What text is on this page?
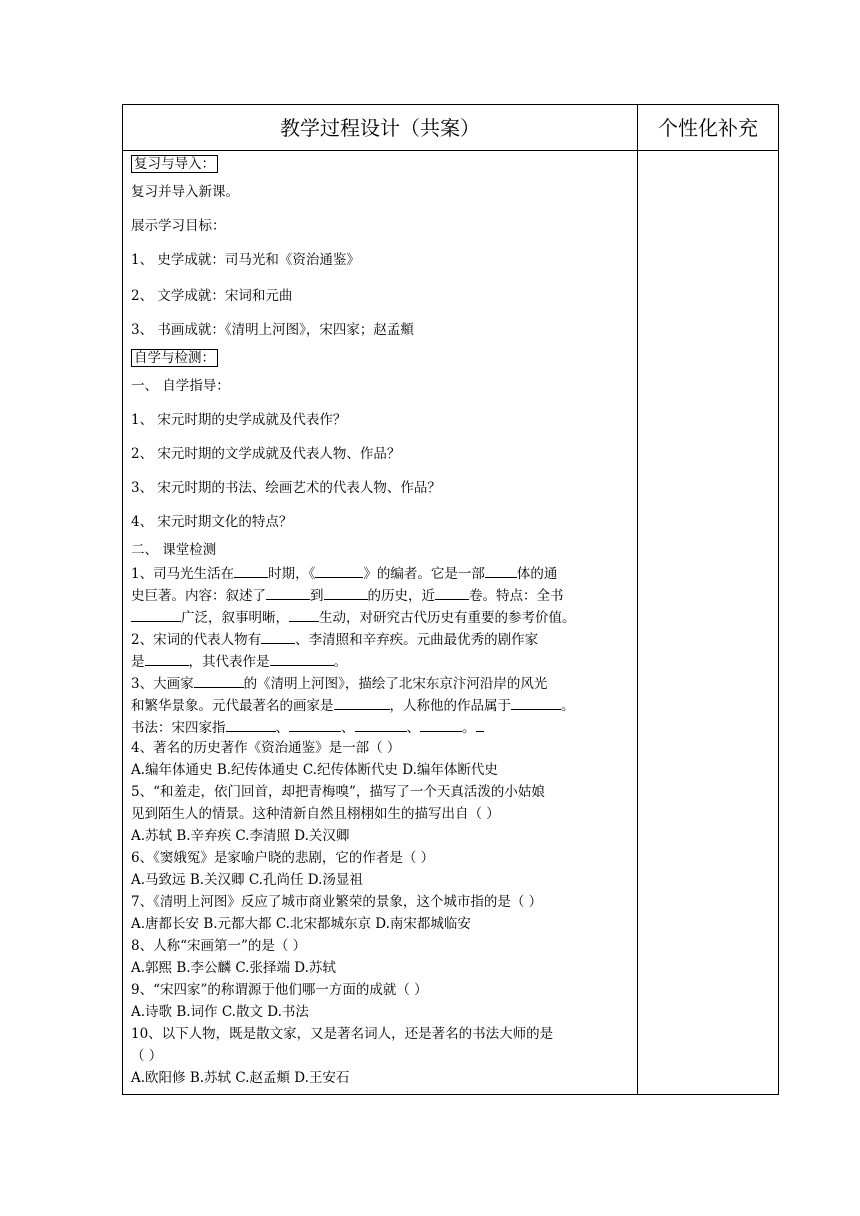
教学过程设计（共案）	个性化补充
复习与导入：
复习并导入新课。
展示学习目标：
1、 史学成就：司马光和《资治通鉴》
2、 文学成就：宋词和元曲
3、 书画成就：《清明上河图》，宋四家；赵孟頫
自学与检测：
一、 自学指导：
1、 宋元时期的史学成就及代表作？
2、 宋元时期的文学成就及代表人物、作品？
3、 宋元时期的书法、绘画艺术的代表人物、作品？
4、 宋元时期文化的特点？
二、 课堂检测
1、司马光生活在	时期，《	》的编者。它是一部 体的通
史巨著。内容：叙述了	到	的历史，近	卷。特点：全书
广泛，叙事明晰， 生动，对研究古代历史有重要的参考价值。
2、宋词的代表人物有	、李清照和辛弃疾。元曲最优秀的剧作家
是	，其代表作是	。
3、大画家	的《清明上河图》，描绘了北宋东京汴河沿岸的风光
和繁华景象。元代最著名的画家是	，人称他的作品属于	。
书法：宋四家指	、	、	、	。
4、著名的历史著作《资治通鉴》是一部（ ）
A.编年体通史 B.纪传体通史 C.纪传体断代史 D.编年体断代史
5、“和羞走，依门回首，却把青梅嗅”，描写了一个天真活泼的小姑娘
见到陌生人的情景。这种清新自然且栩栩如生的描写出自（ ）
A.苏轼 B.辛弃疾 C.李清照 D.关汉卿
6、《窦娥冤》是家喻户晓的悲剧，它的作者是（ ）
A.马致远 B.关汉卿 C.孔尚任 D.汤显祖
7、《清明上河图》反应了城市商业繁荣的景象，这个城市指的是（ ）
A.唐都长安 B.元都大都 C.北宋都城东京 D.南宋都城临安
8、人称“宋画第一”的是（ ）
A.郭熙 B.李公麟 C.张择端 D.苏轼
9、“宋四家”的称谓源于他们哪一方面的成就（ ）
A.诗歌 B.词作 C.散文 D.书法
10、以下人物，既是散文家，又是著名词人，还是著名的书法大师的是
（ ）
A.欧阳修 B.苏轼 C.赵孟頫 D.王安石
